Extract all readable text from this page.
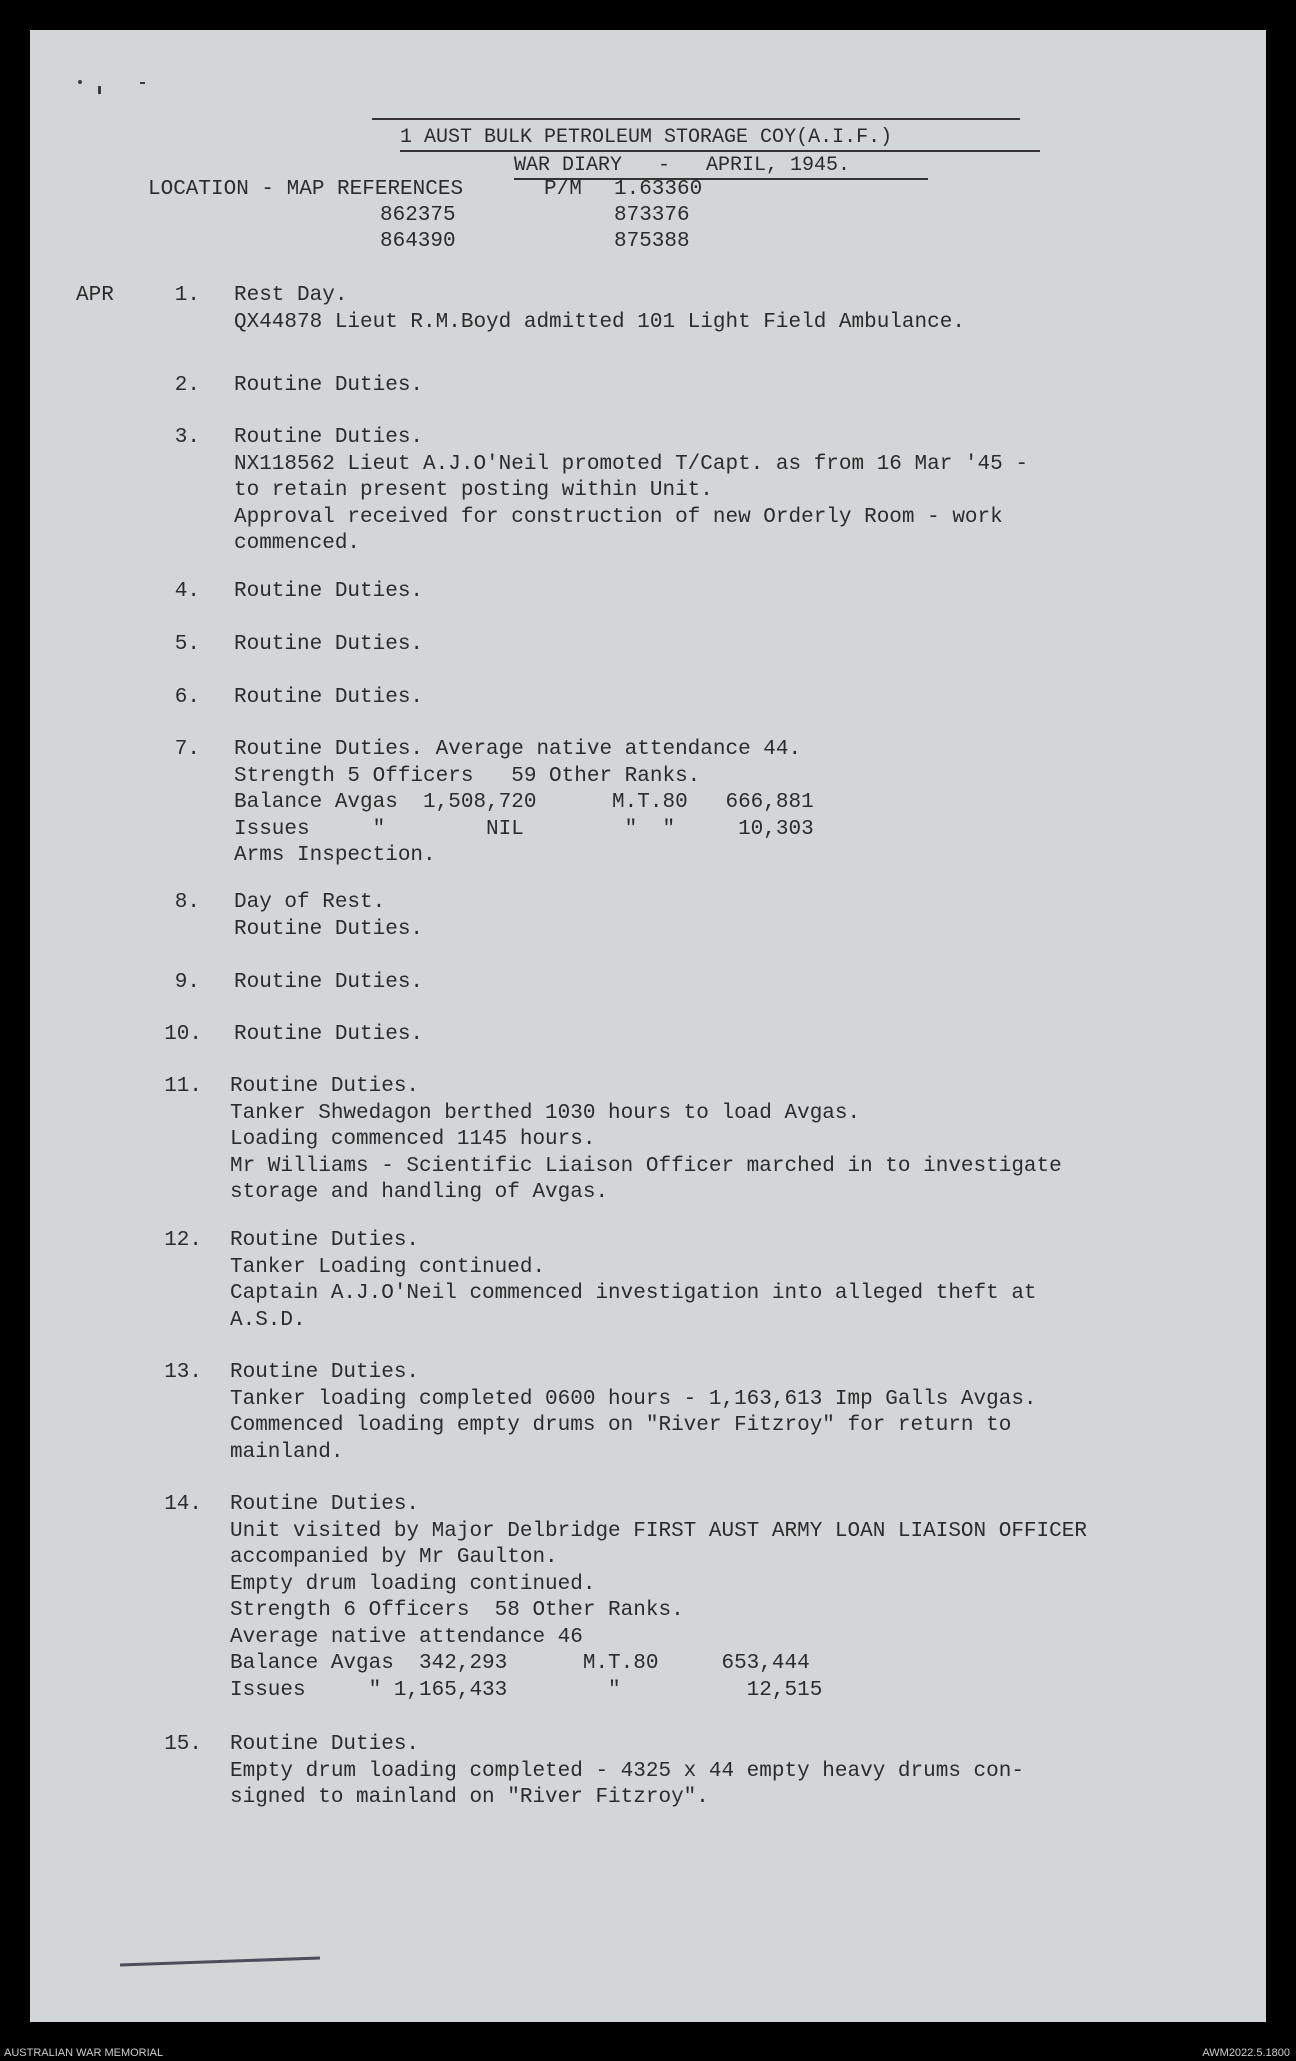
1 AUST BULK PETROLEUM STORAGE COY(A.I.F.)
WAR DIARY   -   APRIL, 1945.
LOCATION - MAP REFERENCES	P/M 1.63360
862375	873376
864390	875388
APR	1. Rest Day.
QX44878 Lieut R.M.Boyd admitted 101 Light Field Ambulance.
2. Routine Duties.
3. Routine Duties.
NX118562 Lieut A.J.O'Neil promoted T/Capt. as from 16 Mar '45 -
to retain present posting within Unit.
Approval received for construction of new Orderly Room - work
commenced.
4. Routine Duties.
5. Routine Duties.
6. Routine Duties.
7. Routine Duties. Average native attendance 44.
Strength 5 Officers   59 Other Ranks.
Balance Avgas  1,508,720      M.T.80   666,881
Issues     "        NIL        "  "     10,303
Arms Inspection.
8. Day of Rest.
Routine Duties.
9. Routine Duties.
10. Routine Duties.
11. Routine Duties.
Tanker Shwedagon berthed 1030 hours to load Avgas.
Loading commenced 1145 hours.
Mr Williams - Scientific Liaison Officer marched in to investigate
storage and handling of Avgas.
12. Routine Duties.
Tanker Loading continued.
Captain A.J.O'Neil commenced investigation into alleged theft at
A.S.D.
13. Routine Duties.
Tanker loading completed 0600 hours - 1,163,613 Imp Galls Avgas.
Commenced loading empty drums on "River Fitzroy" for return to
mainland.
14. Routine Duties.
Unit visited by Major Delbridge FIRST AUST ARMY LOAN LIAISON OFFICER
accompanied by Mr Gaulton.
Empty drum loading continued.
Strength 6 Officers  58 Other Ranks.
Average native attendance 46
Balance Avgas  342,293      M.T.80     653,444
Issues     " 1,165,433        "          12,515
15. Routine Duties.
Empty drum loading completed - 4325 x 44 empty heavy drums con-
signed to mainland on "River Fitzroy".
AUSTRALIAN WAR MEMORIAL	AWM2022.5.1800
